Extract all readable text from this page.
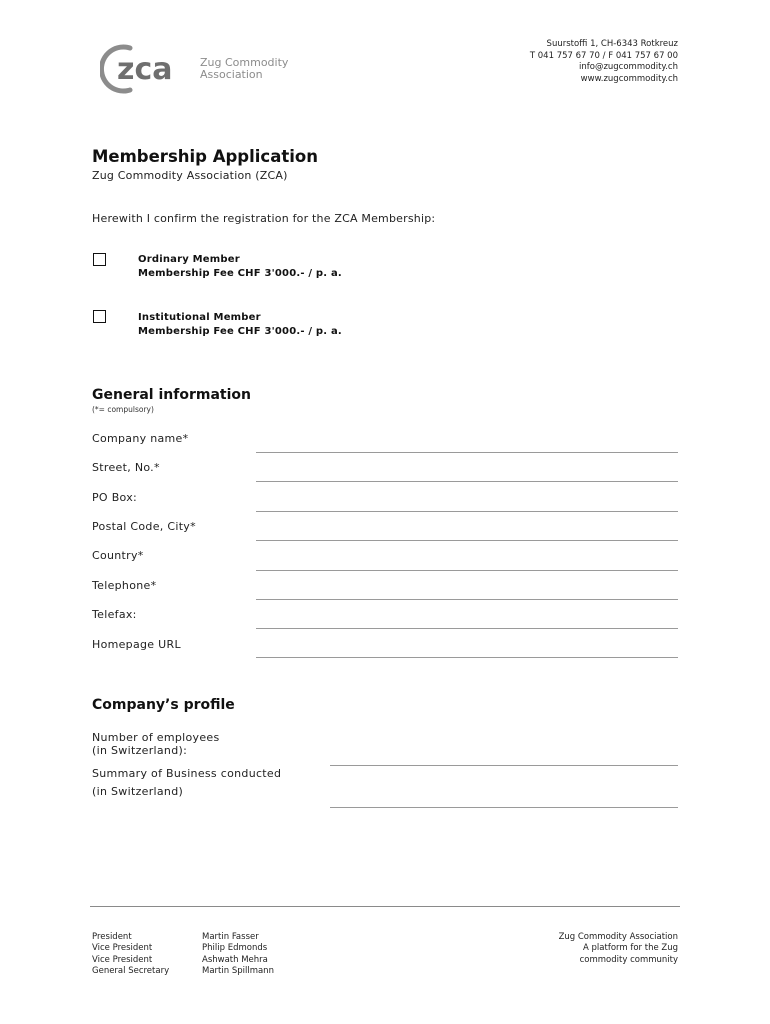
zca	Zug Commodity
Association
Suurstoffi 1, CH-6343 Rotkreuz
T 041 757 67 70 / F 041 757 67 00
info@zugcommodity.ch
www.zugcommodity.ch
Membership Application
Zug Commodity Association (ZCA)
Herewith I confirm the registration for the ZCA Membership:
Ordinary Member
Membership Fee CHF 3'000.- / p. a.
Institutional Member
Membership Fee CHF 3'000.- / p. a.
General information
(*= compulsory)
Company name*
Street, No.*
PO Box:
Postal Code, City*
Country*
Telephone*
Telefax:
Homepage URL
Company’s profile
Number of employees
(in Switzerland):
Summary of Business conducted
(in Switzerland)
President
Vice President
Vice President
General Secretary
Martin Fasser
Philip Edmonds
Ashwath Mehra
Martin Spillmann
Zug Commodity Association
A platform for the Zug
commodity community
